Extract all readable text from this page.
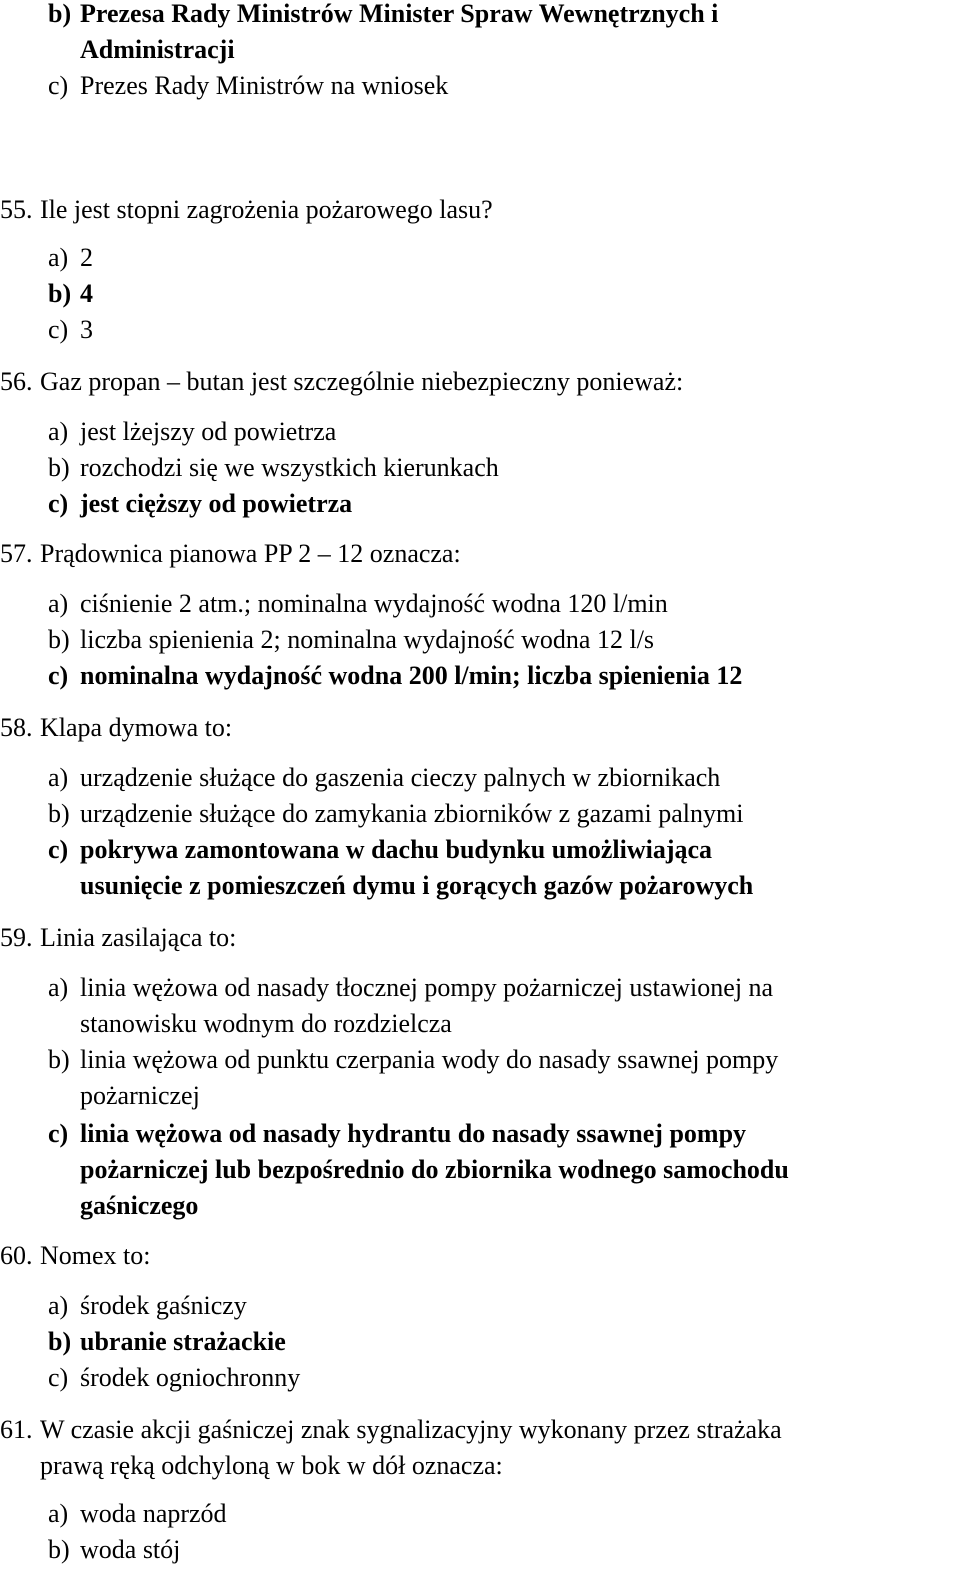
b) Prezesa Rady Ministrów Minister Spraw Wewnętrznych i
Administracji
c) Prezes Rady Ministrów na wniosek
55. Ile jest stopni zagrożenia pożarowego lasu?
a) 2
b) 4
c) 3
56. Gaz propan – butan jest szczególnie niebezpieczny ponieważ:
a) jest lżejszy od powietrza
b) rozchodzi się we wszystkich kierunkach
c) jest cięższy od powietrza
57. Prądownica pianowa PP 2 – 12 oznacza:
a) ciśnienie 2 atm.; nominalna wydajność wodna 120 l/min
b) liczba spienienia 2; nominalna wydajność wodna 12 l/s
c) nominalna wydajność wodna 200 l/min; liczba spienienia 12
58. Klapa dymowa to:
a) urządzenie służące do gaszenia cieczy palnych w zbiornikach
b) urządzenie służące do zamykania zbiorników z gazami palnymi
c) pokrywa zamontowana w dachu budynku umożliwiająca
usunięcie z pomieszczeń dymu i gorących gazów pożarowych
59. Linia zasilająca to:
a) linia wężowa od nasady tłocznej pompy pożarniczej ustawionej na
stanowisku wodnym do rozdzielcza
b) linia wężowa od punktu czerpania wody do nasady ssawnej pompy
pożarniczej
c) linia wężowa od nasady hydrantu do nasady ssawnej pompy
pożarniczej lub bezpośrednio do zbiornika wodnego samochodu
gaśniczego
60. Nomex to:
a) środek gaśniczy
b) ubranie strażackie
c) środek ogniochronny
61. W czasie akcji gaśniczej znak sygnalizacyjny wykonany przez strażaka
prawą ręką odchyloną w bok w dół oznacza:
a) woda naprzód
b) woda stój
